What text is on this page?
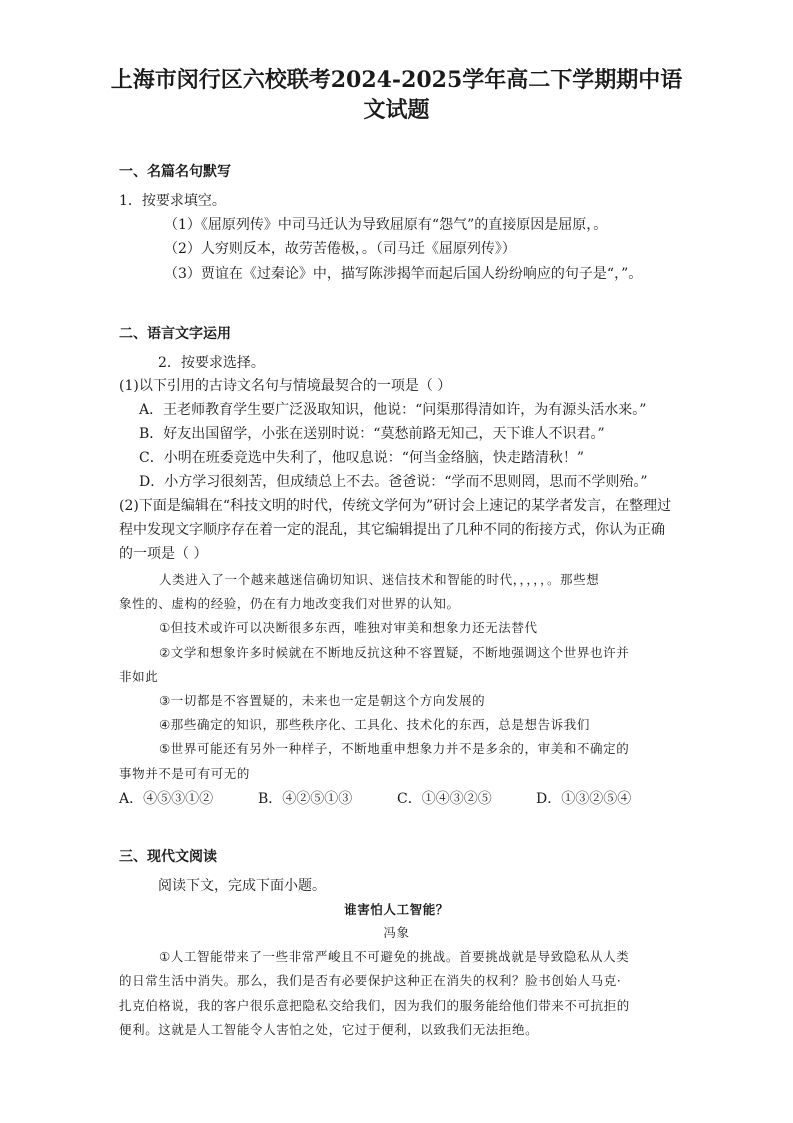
上海市闵行区六校联考2024-2025学年高二下学期期中语
文试题
一、名篇名句默写
1．按要求填空。
（1）《屈原列传》中司马迁认为导致屈原有“怨气”的直接原因是屈原，。
（2）人穷则反本，故劳苦倦极，。（司马迁《屈原列传》）
（3）贾谊在《过秦论》中，描写陈涉揭竿而起后国人纷纷响应的句子是“，”。
二、语言文字运用
2．按要求选择。
(1)以下引用的古诗文名句与情境最契合的一项是（ ）
A．王老师教育学生要广泛汲取知识，他说：“问渠那得清如许，为有源头活水来。”
B．好友出国留学，小张在送别时说：“莫愁前路无知己，天下谁人不识君。”
C．小明在班委竞选中失利了，他叹息说：“何当金络脑，快走踏清秋！”
D．小方学习很刻苦，但成绩总上不去。爸爸说：“学而不思则罔，思而不学则殆。”
(2)下面是编辑在“科技文明的时代，传统文学何为”研讨会上速记的某学者发言，在整理过
程中发现文字顺序存在着一定的混乱，其它编辑提出了几种不同的衔接方式，你认为正确
的一项是（ ）
人类进入了一个越来越迷信确切知识、迷信技术和智能的时代，，，，，。那些想
象性的、虚构的经验，仍在有力地改变我们对世界的认知。
①但技术或许可以决断很多东西，唯独对审美和想象力还无法替代
②文学和想象许多时候就在不断地反抗这种不容置疑，不断地强调这个世界也许并
非如此
③一切都是不容置疑的，未来也一定是朝这个方向发展的
④那些确定的知识，那些秩序化、工具化、技术化的东西，总是想告诉我们
⑤世界可能还有另外一种样子，不断地重申想象力并不是多余的，审美和不确定的
事物并不是可有可无的
A．④⑤③①②	B．④②⑤①③	C．①④③②⑤	D．①③②⑤④
三、现代文阅读
阅读下文，完成下面小题。
谁害怕人工智能？
冯象
①人工智能带来了一些非常严峻且不可避免的挑战。首要挑战就是导致隐私从人类
的日常生活中消失。那么，我们是否有必要保护这种正在消失的权利？脸书创始人马克·
扎克伯格说，我的客户很乐意把隐私交给我们，因为我们的服务能给他们带来不可抗拒的
便利。这就是人工智能令人害怕之处，它过于便利，以致我们无法拒绝。
